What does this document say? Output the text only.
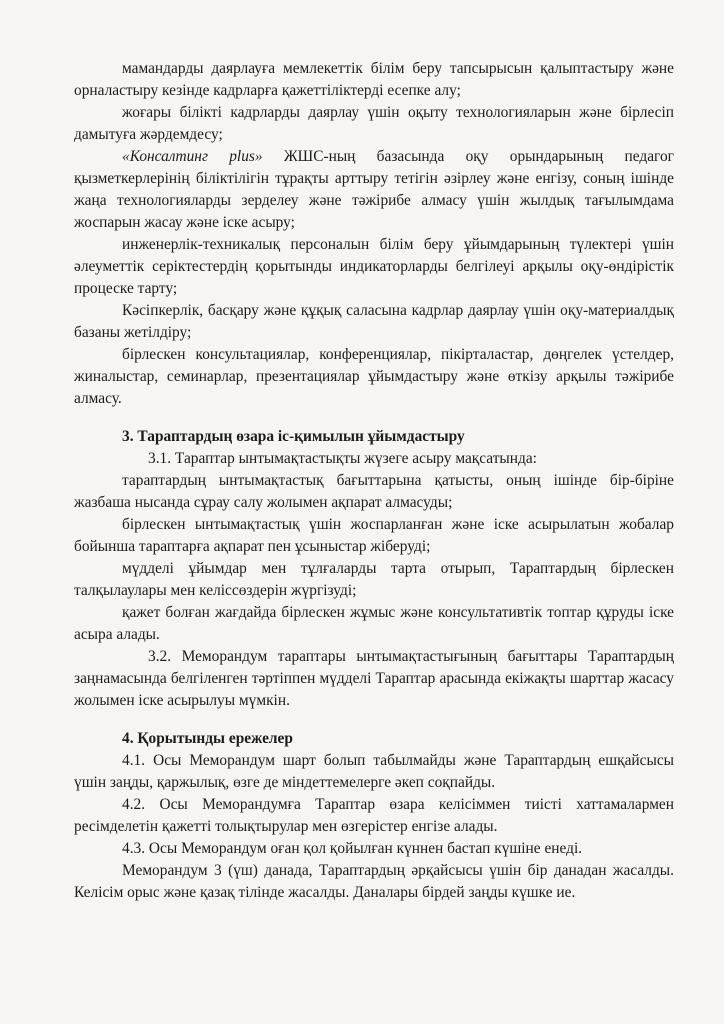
мамандарды даярлауға мемлекеттік білім беру тапсырысын қалыптастыру және орналастыру кезінде кадрларға қажеттіліктерді есепке алу;

жоғары білікті кадрларды даярлау үшін оқыту технологияларын және бірлесіп дамытуға жәрдемдесу;

«Консалтинг plus» ЖШС-ның базасында оқу орындарының педагог қызметкерлерінің біліктілігін тұрақты арттыру тетігін әзірлеу және енгізу, соның ішінде жаңа технологияларды зерделеу және тәжірибе алмасу үшін жылдық тағылымдама жоспарын жасау және іске асыру;

инженерлік-техникалық персоналын білім беру ұйымдарының түлектері үшін әлеуметтік серіктестердің қорытынды индикаторларды белгілеуі арқылы оқу-өндірістік процеске тарту;

Кәсіпкерлік, басқару және құқық саласына кадрлар даярлау үшін оқу-материалдық базаны жетілдіру;

бірлескен консультациялар, конференциялар, пікірталастар, дөңгелек үстелдер, жиналыстар, семинарлар, презентациялар ұйымдастыру және өткізу арқылы тәжірибе алмасу.

3. Тараптардың өзара іс-қимылын ұйымдастыру

3.1. Тараптар ынтымақтастықты жүзеге асыру мақсатында:

тараптардың ынтымақтастық бағыттарына қатысты, оның ішінде бір-біріне жазбаша нысанда сұрау салу жолымен ақпарат алмасуды;

бірлескен ынтымақтастық үшін жоспарланған және іске асырылатын жобалар бойынша тараптарға ақпарат пен ұсыныстар жіберуді;

мүдделі ұйымдар мен тұлғаларды тарта отырып, Тараптардың бірлескен талқылаулары мен келіссөздерін жүргізуді;

қажет болған жағдайда бірлескен жұмыс және консультативтік топтар құруды іске асыра алады.

3.2. Меморандум тараптары ынтымақтастығының бағыттары Тараптардың заңнамасында белгіленген тәртіппен мүдделі Тараптар арасында екіжақты шарттар жасасу жолымен іске асырылуы мүмкін.

4. Қорытынды ережелер

4.1. Осы Меморандум шарт болып табылмайды және Тараптардың ешқайсысы үшін заңды, қаржылық, өзге де міндеттемелерге әкеп соқпайды.

4.2. Осы Меморандумға Тараптар өзара келісіммен тиісті хаттамалармен ресімделетін қажетті толықтырулар мен өзгерістер енгізе алады.

4.3. Осы Меморандум оған қол қойылған күннен бастап күшіне енеді.

Меморандум 3 (үш) данада, Тараптардың әрқайсысы үшін бір данадан жасалды. Келісім орыс және қазақ тілінде жасалды. Даналары бірдей заңды күшке ие.
